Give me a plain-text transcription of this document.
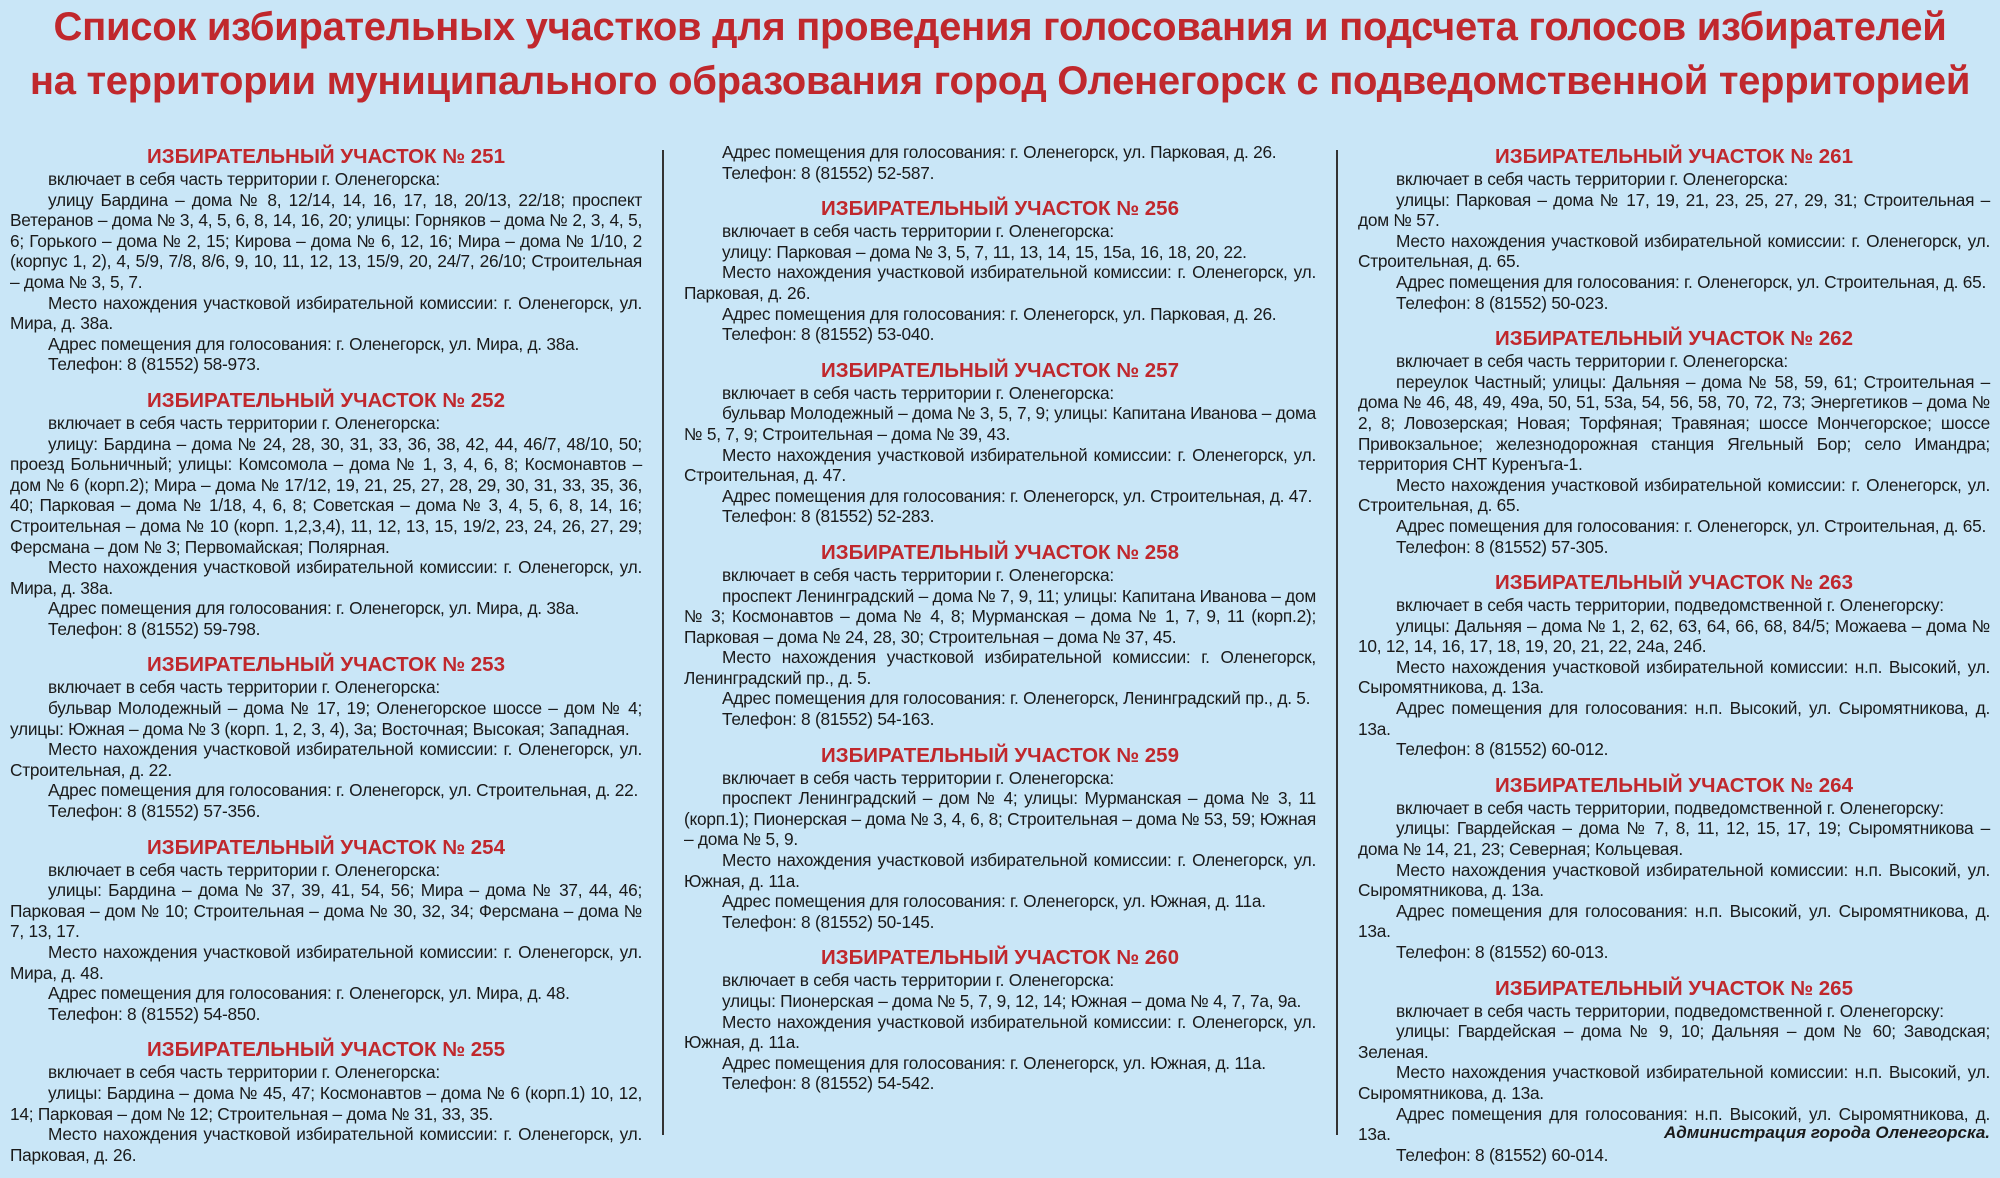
Список избирательных участков для проведения голосования и подсчета голосов избирателей
на территории муниципального образования город Оленегорск с подведомственной территорией
ИЗБИРАТЕЛЬНЫЙ УЧАСТОК № 251

включает в себя часть территории г. Оленегорска:

улицу Бардина – дома № 8, 12/14, 14, 16, 17, 18, 20/13, 22/18; проспект Ветеранов – дома № 3, 4, 5, 6, 8, 14, 16, 20; улицы: Горняков – дома № 2, 3, 4, 5, 6; Горького – дома № 2, 15; Кирова – дома № 6, 12, 16; Мира – дома № 1/10, 2 (корпус 1, 2), 4, 5/9, 7/8, 8/6, 9, 10, 11, 12, 13, 15/9, 20, 24/7, 26/10; Строительная – дома № 3, 5, 7.

Место нахождения участковой избирательной комиссии: г. Оленегорск, ул. Мира, д. 38а.

Адрес помещения для голосования: г. Оленегорск, ул. Мира, д. 38а.

Телефон: 8 (81552) 58-973.

ИЗБИРАТЕЛЬНЫЙ УЧАСТОК № 252

включает в себя часть территории г. Оленегорска:

улицу: Бардина – дома № 24, 28, 30, 31, 33, 36, 38, 42, 44, 46/7, 48/10, 50; проезд Больничный; улицы: Комсомола – дома № 1, 3, 4, 6, 8; Космонавтов – дом № 6 (корп.2); Мира – дома № 17/12, 19, 21, 25, 27, 28, 29, 30, 31, 33, 35, 36, 40; Парковая – дома № 1/18, 4, 6, 8; Советская – дома № 3, 4, 5, 6, 8, 14, 16; Строительная – дома № 10 (корп. 1,2,3,4), 11, 12, 13, 15, 19/2, 23, 24, 26, 27, 29; Ферсмана – дом № 3; Первомайская; Полярная.

Место нахождения участковой избирательной комиссии: г. Оленегорск, ул. Мира, д. 38а.

Адрес помещения для голосования: г. Оленегорск, ул. Мира, д. 38а.

Телефон: 8 (81552) 59-798.

ИЗБИРАТЕЛЬНЫЙ УЧАСТОК № 253

включает в себя часть территории г. Оленегорска:

бульвар Молодежный – дома № 17, 19; Оленегорское шоссе – дом № 4; улицы: Южная – дома № 3 (корп. 1, 2, 3, 4), 3а; Восточная; Высокая; Западная.

Место нахождения участковой избирательной комиссии: г. Оленегорск, ул. Строительная, д. 22.

Адрес помещения для голосования: г. Оленегорск, ул. Строительная, д. 22.

Телефон: 8 (81552) 57-356.

ИЗБИРАТЕЛЬНЫЙ УЧАСТОК № 254

включает в себя часть территории г. Оленегорска:

улицы: Бардина – дома № 37, 39, 41, 54, 56; Мира – дома № 37, 44, 46; Парковая – дом № 10; Строительная – дома № 30, 32, 34; Ферсмана – дома № 7, 13, 17.

Место нахождения участковой избирательной комиссии: г. Оленегорск, ул. Мира, д. 48.

Адрес помещения для голосования: г. Оленегорск, ул. Мира, д. 48.

Телефон: 8 (81552) 54-850.

ИЗБИРАТЕЛЬНЫЙ УЧАСТОК № 255

включает в себя часть территории г. Оленегорска:

улицы: Бардина – дома № 45, 47; Космонавтов – дома № 6 (корп.1) 10, 12, 14; Парковая – дом № 12; Строительная – дома № 31, 33, 35.

Место нахождения участковой избирательной комиссии: г. Оленегорск, ул. Парковая, д. 26.

Адрес помещения для голосования: г. Оленегорск, ул. Парковая, д. 26.

Телефон: 8 (81552) 52-587.

ИЗБИРАТЕЛЬНЫЙ УЧАСТОК № 256

включает в себя часть территории г. Оленегорска:

улицу: Парковая – дома № 3, 5, 7, 11, 13, 14, 15, 15а, 16, 18, 20, 22.

Место нахождения участковой избирательной комиссии: г. Оленегорск, ул. Парковая, д. 26.

Адрес помещения для голосования: г. Оленегорск, ул. Парковая, д. 26.

Телефон: 8 (81552) 53-040.

ИЗБИРАТЕЛЬНЫЙ УЧАСТОК № 257

включает в себя часть территории г. Оленегорска:

бульвар Молодежный – дома № 3, 5, 7, 9; улицы: Капитана Иванова – дома № 5, 7, 9; Строительная – дома № 39, 43.

Место нахождения участковой избирательной комиссии: г. Оленегорск, ул. Строительная, д. 47.

Адрес помещения для голосования: г. Оленегорск, ул. Строительная, д. 47.

Телефон: 8 (81552) 52-283.

ИЗБИРАТЕЛЬНЫЙ УЧАСТОК № 258

включает в себя часть территории г. Оленегорска:

проспект Ленинградский – дома № 7, 9, 11; улицы: Капитана Иванова – дом № 3; Космонавтов – дома № 4, 8; Мурманская – дома № 1, 7, 9, 11 (корп.2); Парковая – дома № 24, 28, 30; Строительная – дома № 37, 45.

Место нахождения участковой избирательной комиссии: г. Оленегорск, Ленинградский пр., д. 5.

Адрес помещения для голосования: г. Оленегорск, Ленинградский пр., д. 5.

Телефон: 8 (81552) 54-163.

ИЗБИРАТЕЛЬНЫЙ УЧАСТОК № 259

включает в себя часть территории г. Оленегорска:

проспект Ленинградский – дом № 4; улицы: Мурманская – дома № 3, 11 (корп.1); Пионерская – дома № 3, 4, 6, 8; Строительная – дома № 53, 59; Южная – дома № 5, 9.

Место нахождения участковой избирательной комиссии: г. Оленегорск, ул. Южная, д. 11а.

Адрес помещения для голосования: г. Оленегорск, ул. Южная, д. 11а.

Телефон: 8 (81552) 50-145.

ИЗБИРАТЕЛЬНЫЙ УЧАСТОК № 260

включает в себя часть территории г. Оленегорска:

улицы: Пионерская – дома № 5, 7, 9, 12, 14; Южная – дома № 4, 7, 7а, 9а.

Место нахождения участковой избирательной комиссии: г. Оленегорск, ул. Южная, д. 11а.

Адрес помещения для голосования: г. Оленегорск, ул. Южная, д. 11а.

Телефон: 8 (81552) 54-542.

ИЗБИРАТЕЛЬНЫЙ УЧАСТОК № 261

включает в себя часть территории г. Оленегорска:

улицы: Парковая – дома № 17, 19, 21, 23, 25, 27, 29, 31; Строительная – дом № 57.

Место нахождения участковой избирательной комиссии: г. Оленегорск, ул. Строительная, д. 65.

Адрес помещения для голосования: г. Оленегорск, ул. Строительная, д. 65.

Телефон: 8 (81552) 50-023.

ИЗБИРАТЕЛЬНЫЙ УЧАСТОК № 262

включает в себя часть территории г. Оленегорска:

переулок Частный; улицы: Дальняя – дома № 58, 59, 61; Строительная – дома № 46, 48, 49, 49а, 50, 51, 53а, 54, 56, 58, 70, 72, 73; Энергетиков – дома № 2, 8; Ловозерская; Новая; Торфяная; Травяная; шоссе Мончегорское; шоссе Привокзальное; железнодорожная станция Ягельный Бор; село Имандра; территория СНТ Куренъга-1.

Место нахождения участковой избирательной комиссии: г. Оленегорск, ул. Строительная, д. 65.

Адрес помещения для голосования: г. Оленегорск, ул. Строительная, д. 65.

Телефон: 8 (81552) 57-305.

ИЗБИРАТЕЛЬНЫЙ УЧАСТОК № 263

включает в себя часть территории, подведомственной г. Оленегорску:

улицы: Дальняя – дома № 1, 2, 62, 63, 64, 66, 68, 84/5; Можаева – дома № 10, 12, 14, 16, 17, 18, 19, 20, 21, 22, 24а, 24б.

Место нахождения участковой избирательной комиссии: н.п. Высокий, ул. Сыромятникова, д. 13а.

Адрес помещения для голосования: н.п. Высокий, ул. Сыромятникова, д. 13а.

Телефон: 8 (81552) 60-012.

ИЗБИРАТЕЛЬНЫЙ УЧАСТОК № 264

включает в себя часть территории, подведомственной г. Оленегорску:

улицы: Гвардейская – дома № 7, 8, 11, 12, 15, 17, 19; Сыромятникова – дома № 14, 21, 23; Северная; Кольцевая.

Место нахождения участковой избирательной комиссии: н.п. Высокий, ул. Сыромятникова, д. 13а.

Адрес помещения для голосования: н.п. Высокий, ул. Сыромятникова, д. 13а.

Телефон: 8 (81552) 60-013.

ИЗБИРАТЕЛЬНЫЙ УЧАСТОК № 265

включает в себя часть территории, подведомственной г. Оленегорску:

улицы: Гвардейская – дома № 9, 10; Дальняя – дом № 60; Заводская; Зеленая.

Место нахождения участковой избирательной комиссии: н.п. Высокий, ул. Сыромятникова, д. 13а.

Адрес помещения для голосования: н.п. Высокий, ул. Сыромятникова, д. 13а.

Телефон: 8 (81552) 60-014.

Администрация города Оленегорска.
